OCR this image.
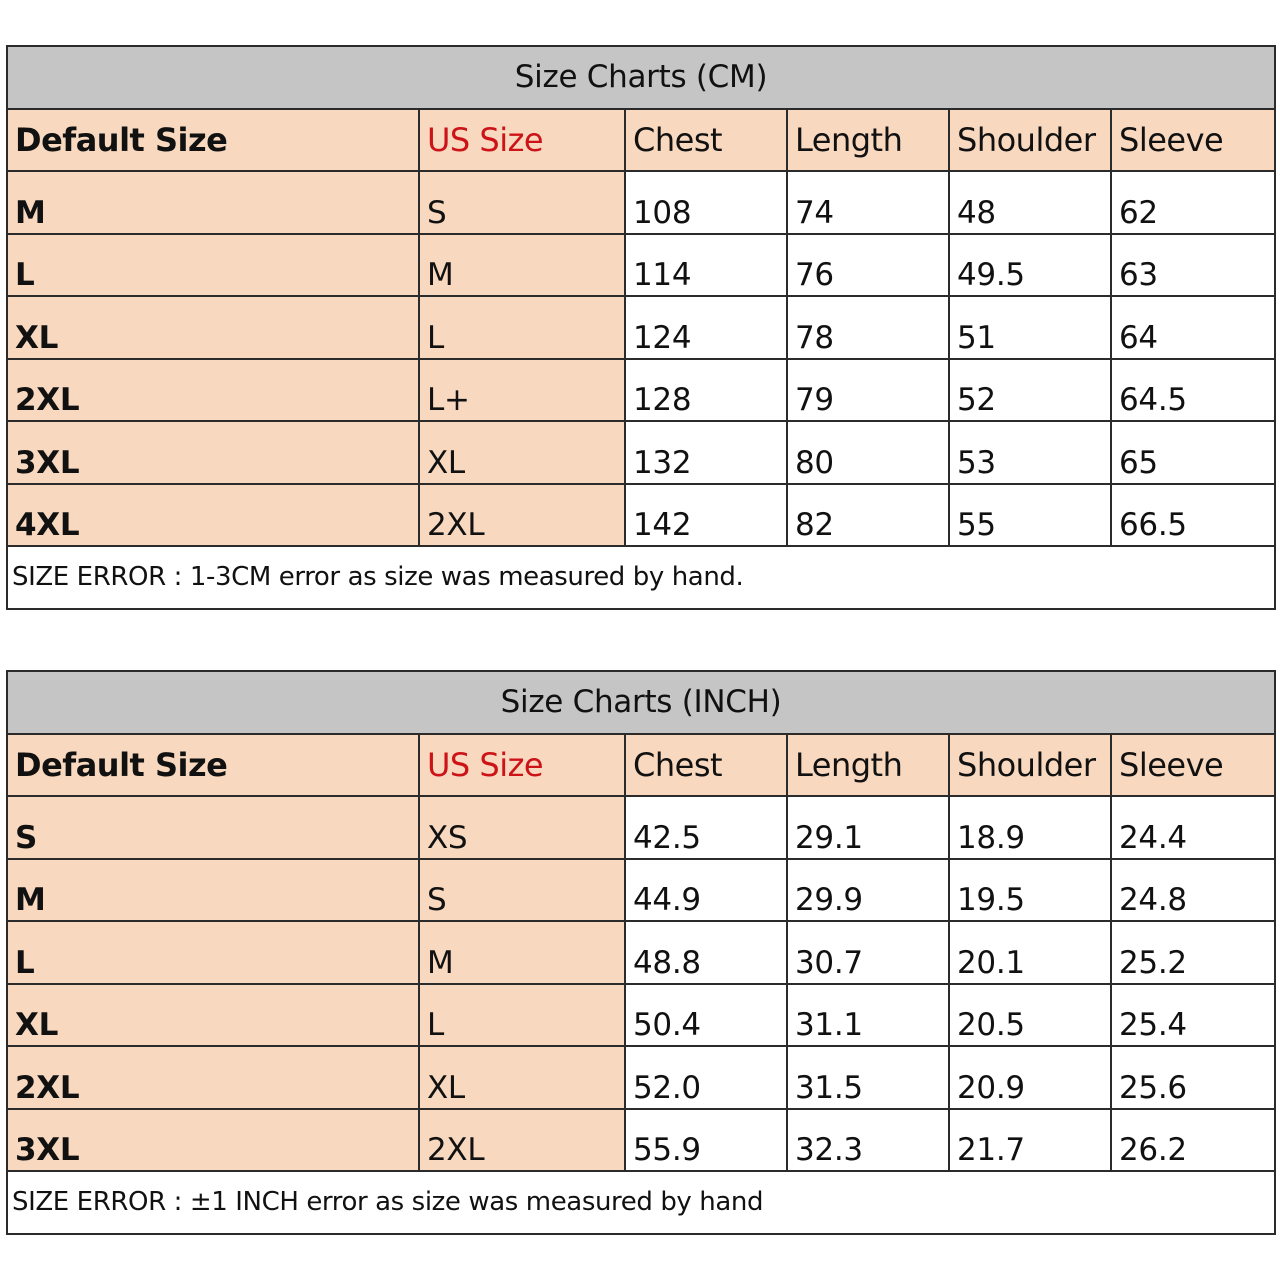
Size Charts (CM)					
Default Size	US Size	Chest	Length	Shoulder	Sleeve
M	S	108	74	48	62
L	M	114	76	49.5	63
XL	L	124	78	51	64
2XL	L+	128	79	52	64.5
3XL	XL	132	80	53	65
4XL	2XL	142	82	55	66.5
SIZE ERROR : 1-3CM error as size was measured by hand.					
Size Charts (INCH)					
Default Size	US Size	Chest	Length	Shoulder	Sleeve
S	XS	42.5	29.1	18.9	24.4
M	S	44.9	29.9	19.5	24.8
L	M	48.8	30.7	20.1	25.2
XL	L	50.4	31.1	20.5	25.4
2XL	XL	52.0	31.5	20.9	25.6
3XL	2XL	55.9	32.3	21.7	26.2
SIZE ERROR : ±1 INCH error as size was measured by hand					
